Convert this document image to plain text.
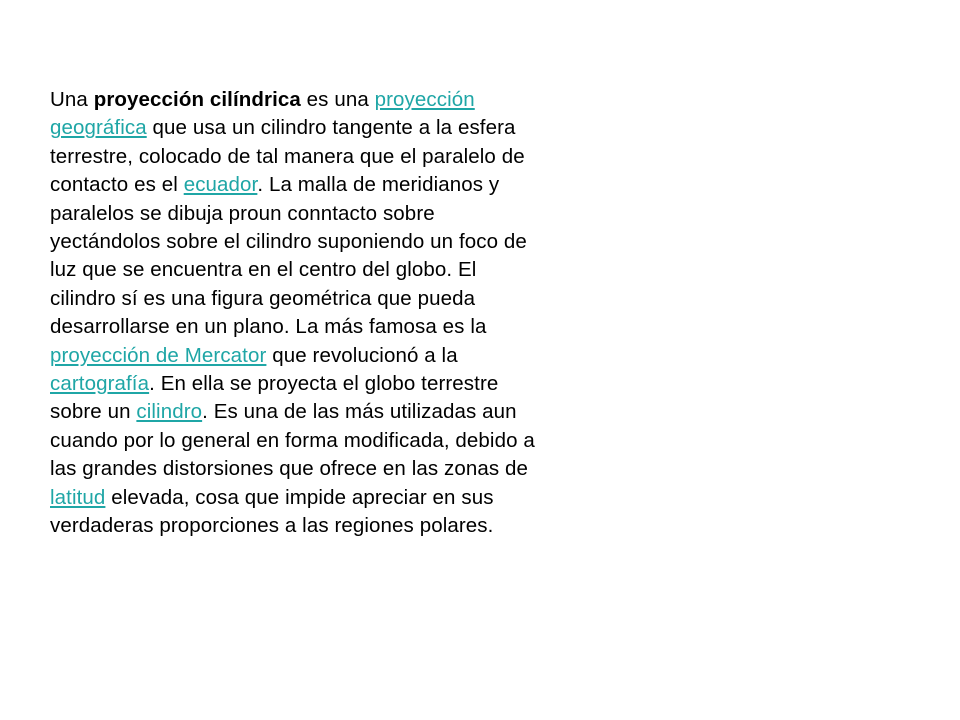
Una proyección cilíndrica es una proyección
geográfica que usa un cilindro tangente a la esfera
terrestre, colocado de tal manera que el paralelo de
contacto es el ecuador. La malla de meridianos y
paralelos se dibuja proun conntacto sobre
yectándolos sobre el cilindro suponiendo un foco de
luz que se encuentra en el centro del globo. El
cilindro sí es una figura geométrica que pueda
desarrollarse en un plano. La más famosa es la
proyección de Mercator que revolucionó a la
cartografía. En ella se proyecta el globo terrestre
sobre un cilindro. Es una de las más utilizadas aun
cuando por lo general en forma modificada, debido a
las grandes distorsiones que ofrece en las zonas de
latitud elevada, cosa que impide apreciar en sus
verdaderas proporciones a las regiones polares.
